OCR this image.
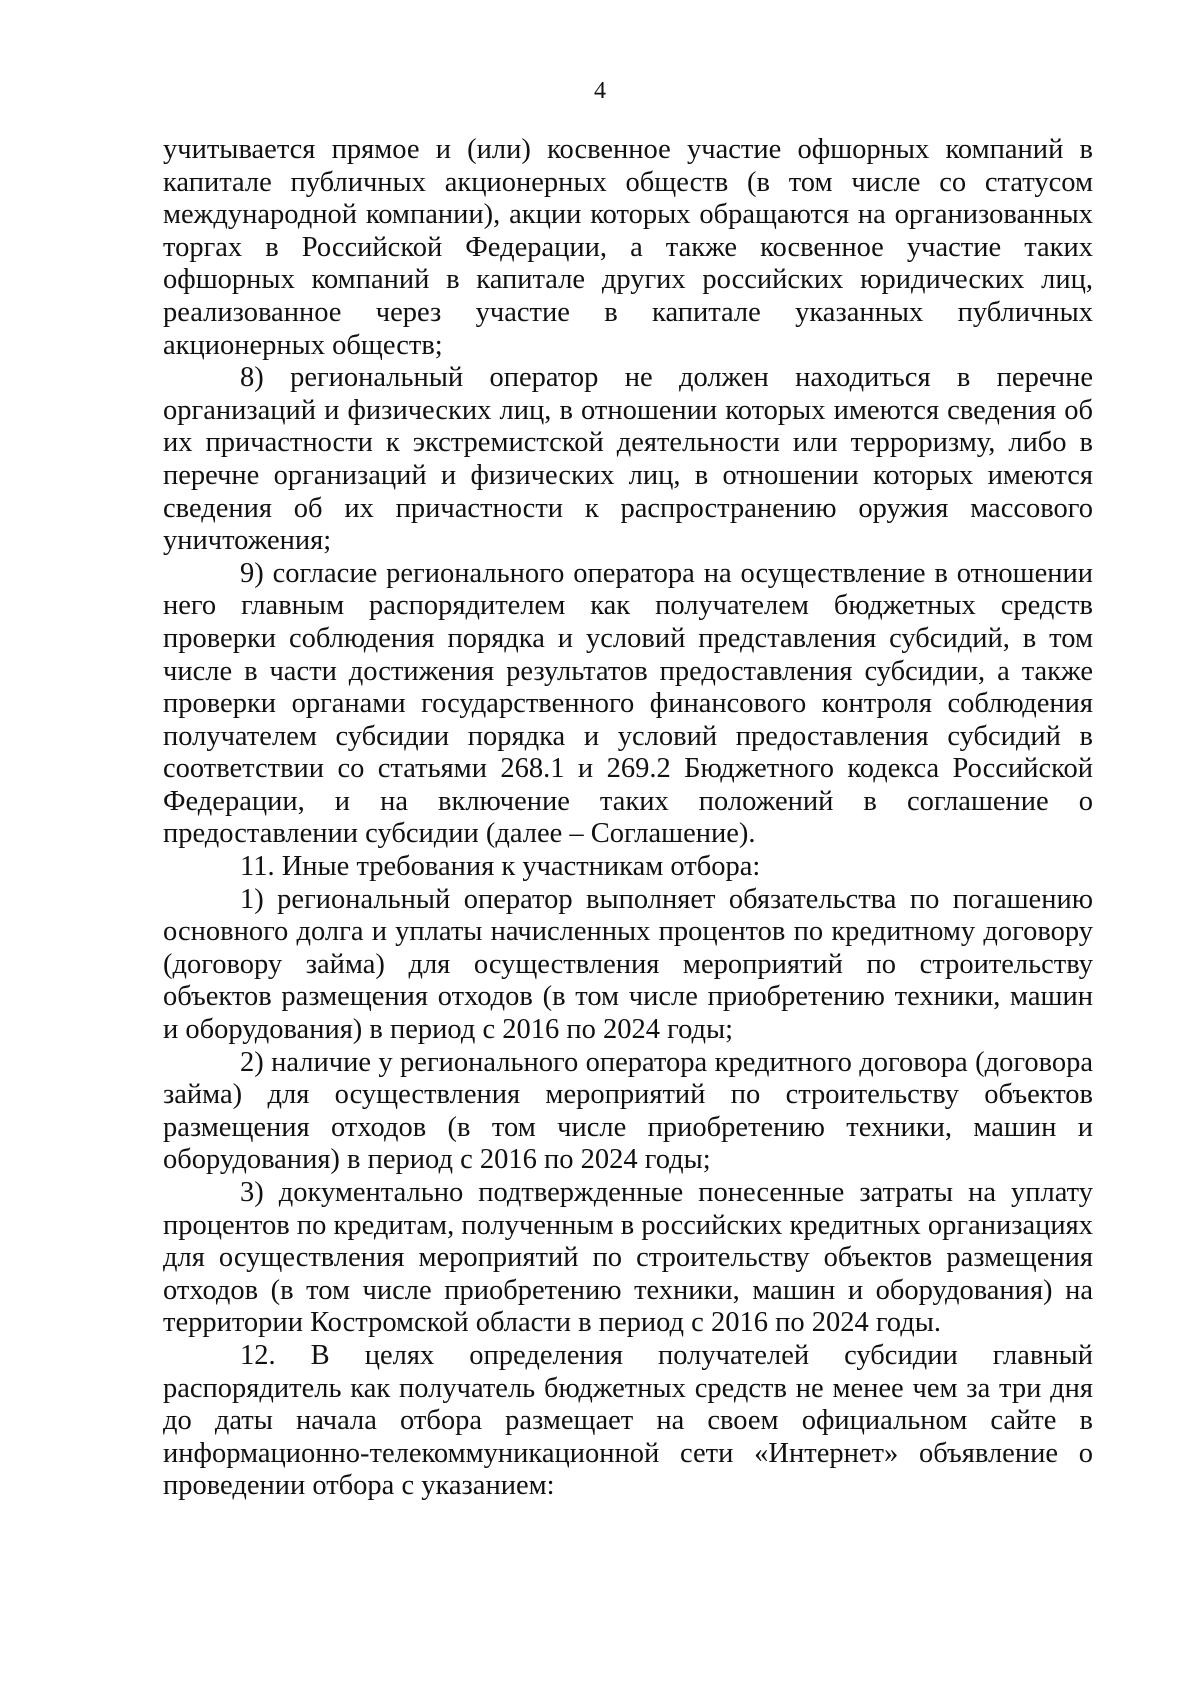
4

учитывается прямое и (или) косвенное участие офшорных компаний в капитале публичных акционерных обществ (в том числе со статусом международной компании), акции которых обращаются на организованных торгах в Российской Федерации, а также косвенное участие таких офшорных компаний в капитале других российских юридических лиц, реализованное через участие в капитале указанных публичных акционерных обществ;

8) региональный оператор не должен находиться в перечне организаций и физических лиц, в отношении которых имеются сведения об их причастности к экстремистской деятельности или терроризму, либо в перечне организаций и физических лиц, в отношении которых имеются сведения об их причастности к распространению оружия массового уничтожения;

9) согласие регионального оператора на осуществление в отношении него главным распорядителем как получателем бюджетных средств проверки соблюдения порядка и условий представления субсидий, в том числе в части достижения результатов предоставления субсидии, а также проверки органами государственного финансового контроля соблюдения получателем субсидии порядка и условий предоставления субсидий в соответствии со статьями 268.1 и 269.2 Бюджетного кодекса Российской Федерации, и на включение таких положений в соглашение о предоставлении субсидии (далее – Соглашение).

11. Иные требования к участникам отбора:

1) региональный оператор выполняет обязательства по погашению основного долга и уплаты начисленных процентов по кредитному договору (договору займа) для осуществления мероприятий по строительству объектов размещения отходов (в том числе приобретению техники, машин и оборудования) в период с 2016 по 2024 годы;

2) наличие у регионального оператора кредитного договора (договора займа) для осуществления мероприятий по строительству объектов размещения отходов (в том числе приобретению техники, машин и оборудования) в период с 2016 по 2024 годы;

3) документально подтвержденные понесенные затраты на уплату процентов по кредитам, полученным в российских кредитных организациях для осуществления мероприятий по строительству объектов размещения отходов (в том числе приобретению техники, машин и оборудования) на территории Костромской области в период с 2016 по 2024 годы.

12. В целях определения получателей субсидии главный распорядитель как получатель бюджетных средств не менее чем за три дня до даты начала отбора размещает на своем официальном сайте в информационно-телекоммуникационной сети «Интернет» объявление о проведении отбора с указанием:
